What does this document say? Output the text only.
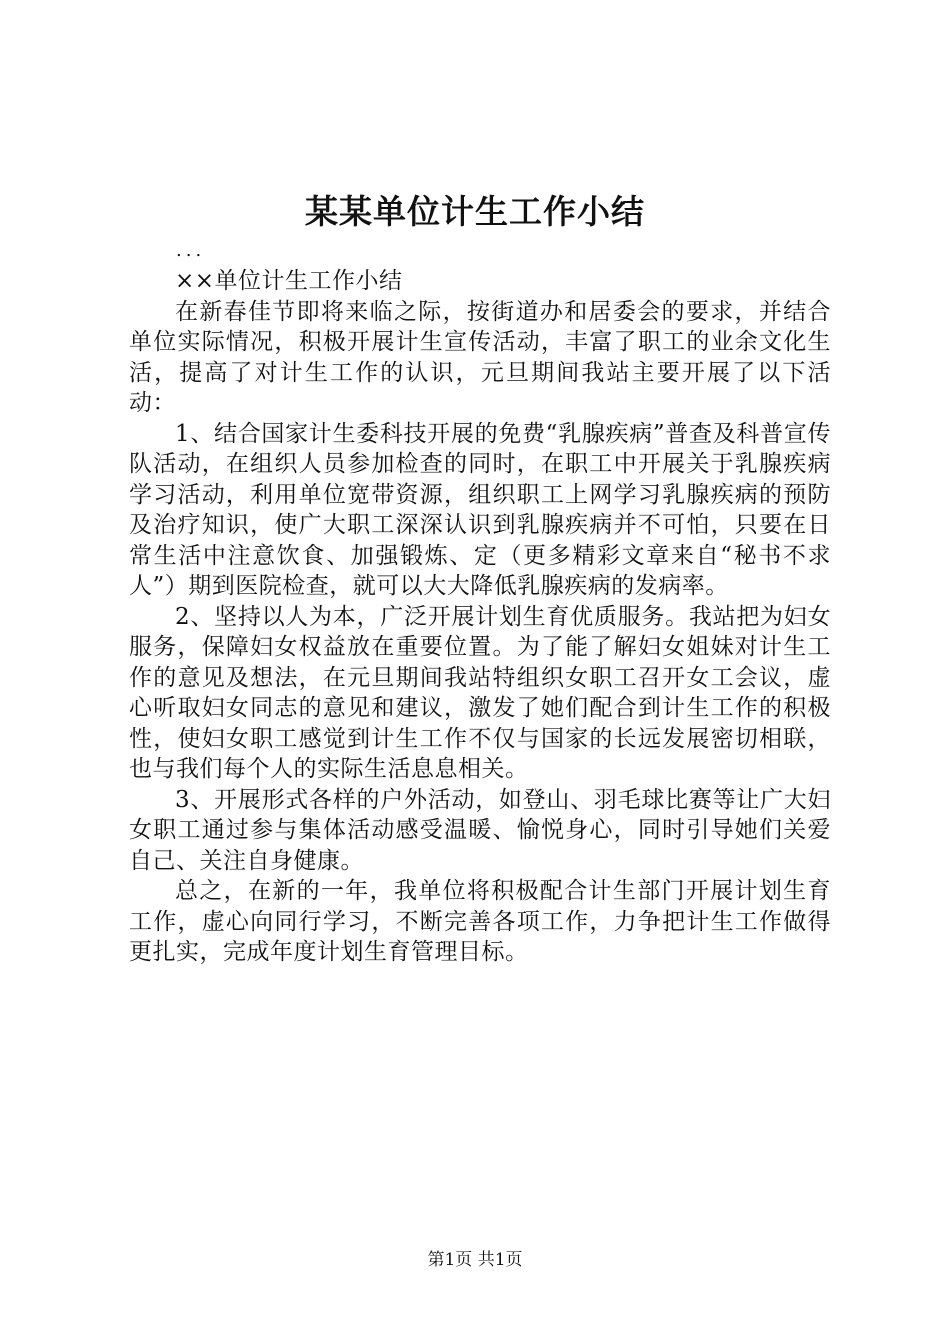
某某单位计生工作小结

...

××单位计生工作小结

在新春佳节即将来临之际，按街道办和居委会的要求，并结合单位实际情况，积极开展计生宣传活动，丰富了职工的业余文化生活，提高了对计生工作的认识，元旦期间我站主要开展了以下活动：

1、结合国家计生委科技开展的免费“乳腺疾病”普查及科普宣传队活动，在组织人员参加检查的同时，在职工中开展关于乳腺疾病学习活动，利用单位宽带资源，组织职工上网学习乳腺疾病的预防及治疗知识，使广大职工深深认识到乳腺疾病并不可怕，只要在日常生活中注意饮食、加强锻炼、定（更多精彩文章来自“秘书不求人”）期到医院检查，就可以大大降低乳腺疾病的发病率。

2、坚持以人为本，广泛开展计划生育优质服务。我站把为妇女服务，保障妇女权益放在重要位置。为了能了解妇女姐妹对计生工作的意见及想法，在元旦期间我站特组织女职工召开女工会议，虚心听取妇女同志的意见和建议，激发了她们配合到计生工作的积极性，使妇女职工感觉到计生工作不仅与国家的长远发展密切相联，也与我们每个人的实际生活息息相关。

3、开展形式各样的户外活动，如登山、羽毛球比赛等让广大妇女职工通过参与集体活动感受温暖、愉悦身心，同时引导她们关爱自己、关注自身健康。

总之，在新的一年，我单位将积极配合计生部门开展计划生育工作，虚心向同行学习，不断完善各项工作，力争把计生工作做得更扎实，完成年度计划生育管理目标。

第1页 共1页
